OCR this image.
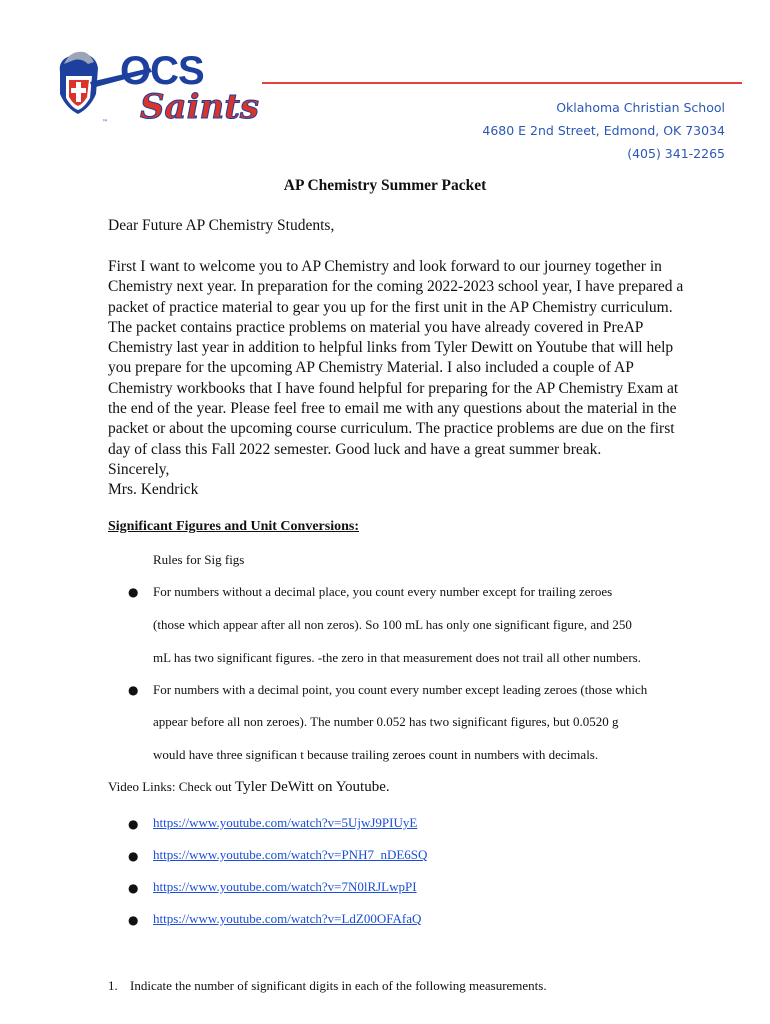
OCS
Saints
™
Oklahoma Christian School
4680 E 2nd Street, Edmond, OK 73034
(405) 341-2265
AP Chemistry Summer Packet
Dear Future AP Chemistry Students,
First I want to welcome you to AP Chemistry and look forward to our journey together in
Chemistry next year. In preparation for the coming 2022-2023 school year, I have prepared a
packet of practice material to gear you up for the first unit in the AP Chemistry curriculum.
The packet contains practice problems on material you have already covered in PreAP
Chemistry last year in addition to helpful links from Tyler Dewitt on Youtube that will help
you prepare for the upcoming AP Chemistry Material. I also included a couple of AP
Chemistry workbooks that I have found helpful for preparing for the AP Chemistry Exam at
the end of the year. Please feel free to email me with any questions about the material in the
packet or about the upcoming course curriculum. The practice problems are due on the first
day of class this Fall 2022 semester. Good luck and have a great summer break.
Sincerely,
Mrs. Kendrick
Significant Figures and Unit Conversions:
Rules for Sig figs
● For numbers without a decimal place, you count every number except for trailing zeroes
(those which appear after all non zeros). So 100 mL has only one significant figure, and 250
mL has two significant figures. -the zero in that measurement does not trail all other numbers.
● For numbers with a decimal point, you count every number except leading zeroes (those which
appear before all non zeroes). The number 0.052 has two significant figures, but 0.0520 g
would have three significan t because trailing zeroes count in numbers with decimals.
Video Links: Check out Tyler DeWitt on Youtube.
● https://www.youtube.com/watch?v=5UjwJ9PIUyE
● https://www.youtube.com/watch?v=PNH7_nDE6SQ
● https://www.youtube.com/watch?v=7N0lRJLwpPI
● https://www.youtube.com/watch?v=LdZ00OFAfaQ
1. Indicate the number of significant digits in each of the following measurements.
